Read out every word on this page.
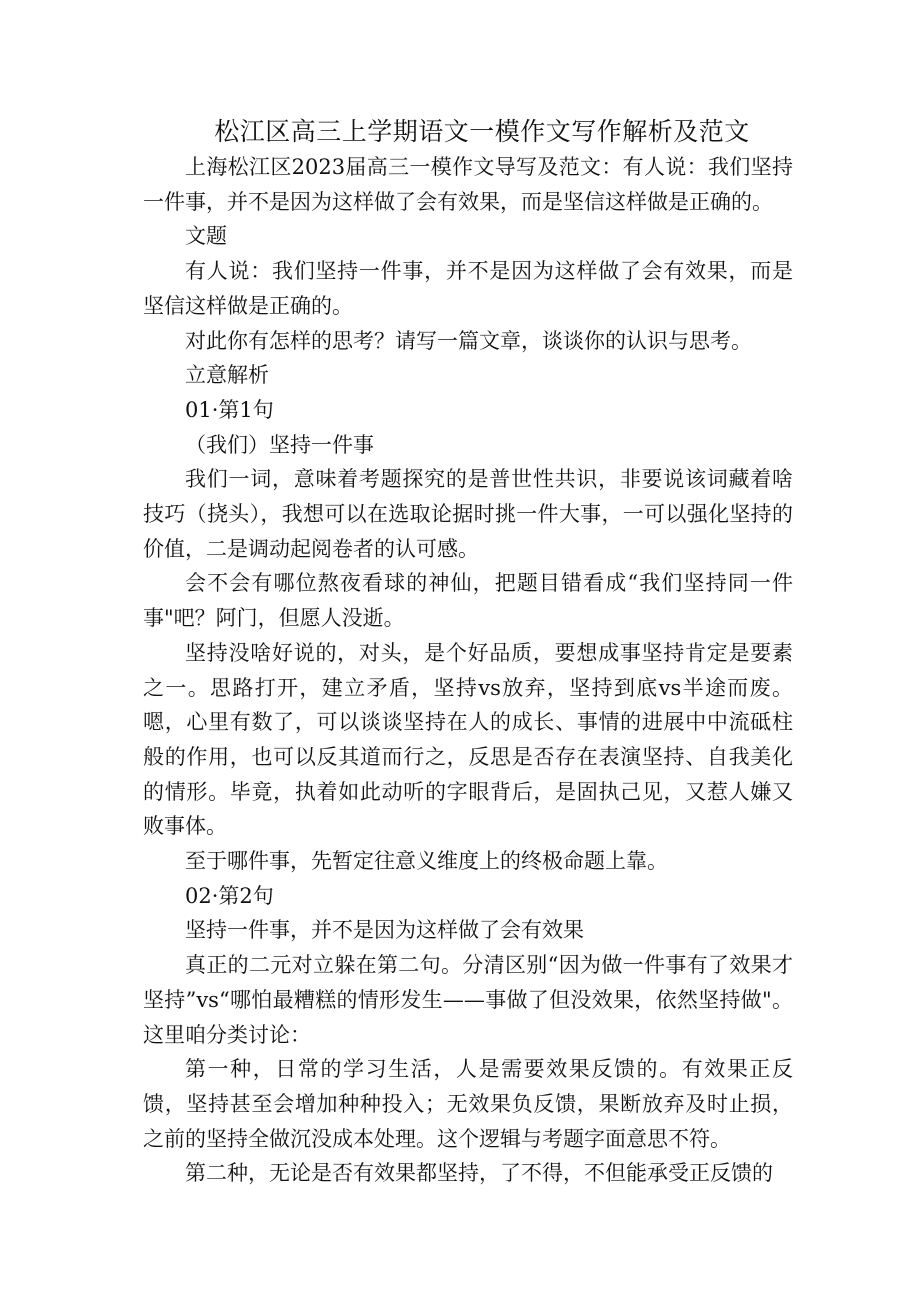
松江区高三上学期语文一模作文写作解析及范文

上海松江区2023届高三一模作文导写及范文：有人说：我们坚持一件事，并不是因为这样做了会有效果，而是坚信这样做是正确的。

文题

有人说：我们坚持一件事，并不是因为这样做了会有效果，而是坚信这样做是正确的。

对此你有怎样的思考？请写一篇文章，谈谈你的认识与思考。

立意解析

01·第1句

（我们）坚持一件事

我们一词，意味着考题探究的是普世性共识，非要说该词藏着啥技巧（挠头），我想可以在选取论据时挑一件大事，一可以强化坚持的价值，二是调动起阅卷者的认可感。

会不会有哪位熬夜看球的神仙，把题目错看成“我们坚持同一件事"吧？阿门，但愿人没逝。

坚持没啥好说的，对头，是个好品质，要想成事坚持肯定是要素之一。思路打开，建立矛盾，坚持vs放弃，坚持到底vs半途而废。嗯，心里有数了，可以谈谈坚持在人的成长、事情的进展中中流砥柱般的作用，也可以反其道而行之，反思是否存在表演坚持、自我美化的情形。毕竟，执着如此动听的字眼背后，是固执己见，又惹人嫌又败事体。

至于哪件事，先暂定往意义维度上的终极命题上靠。

02·第2句

坚持一件事，并不是因为这样做了会有效果

真正的二元对立躲在第二句。分清区别“因为做一件事有了效果才坚持”vs“哪怕最糟糕的情形发生——事做了但没效果，依然坚持做"。这里咱分类讨论：

第一种，日常的学习生活，人是需要效果反馈的。有效果正反馈，坚持甚至会增加种种投入；无效果负反馈，果断放弃及时止损，之前的坚持全做沉没成本处理。这个逻辑与考题字面意思不符。

第二种，无论是否有效果都坚持，了不得，不但能承受正反馈的
